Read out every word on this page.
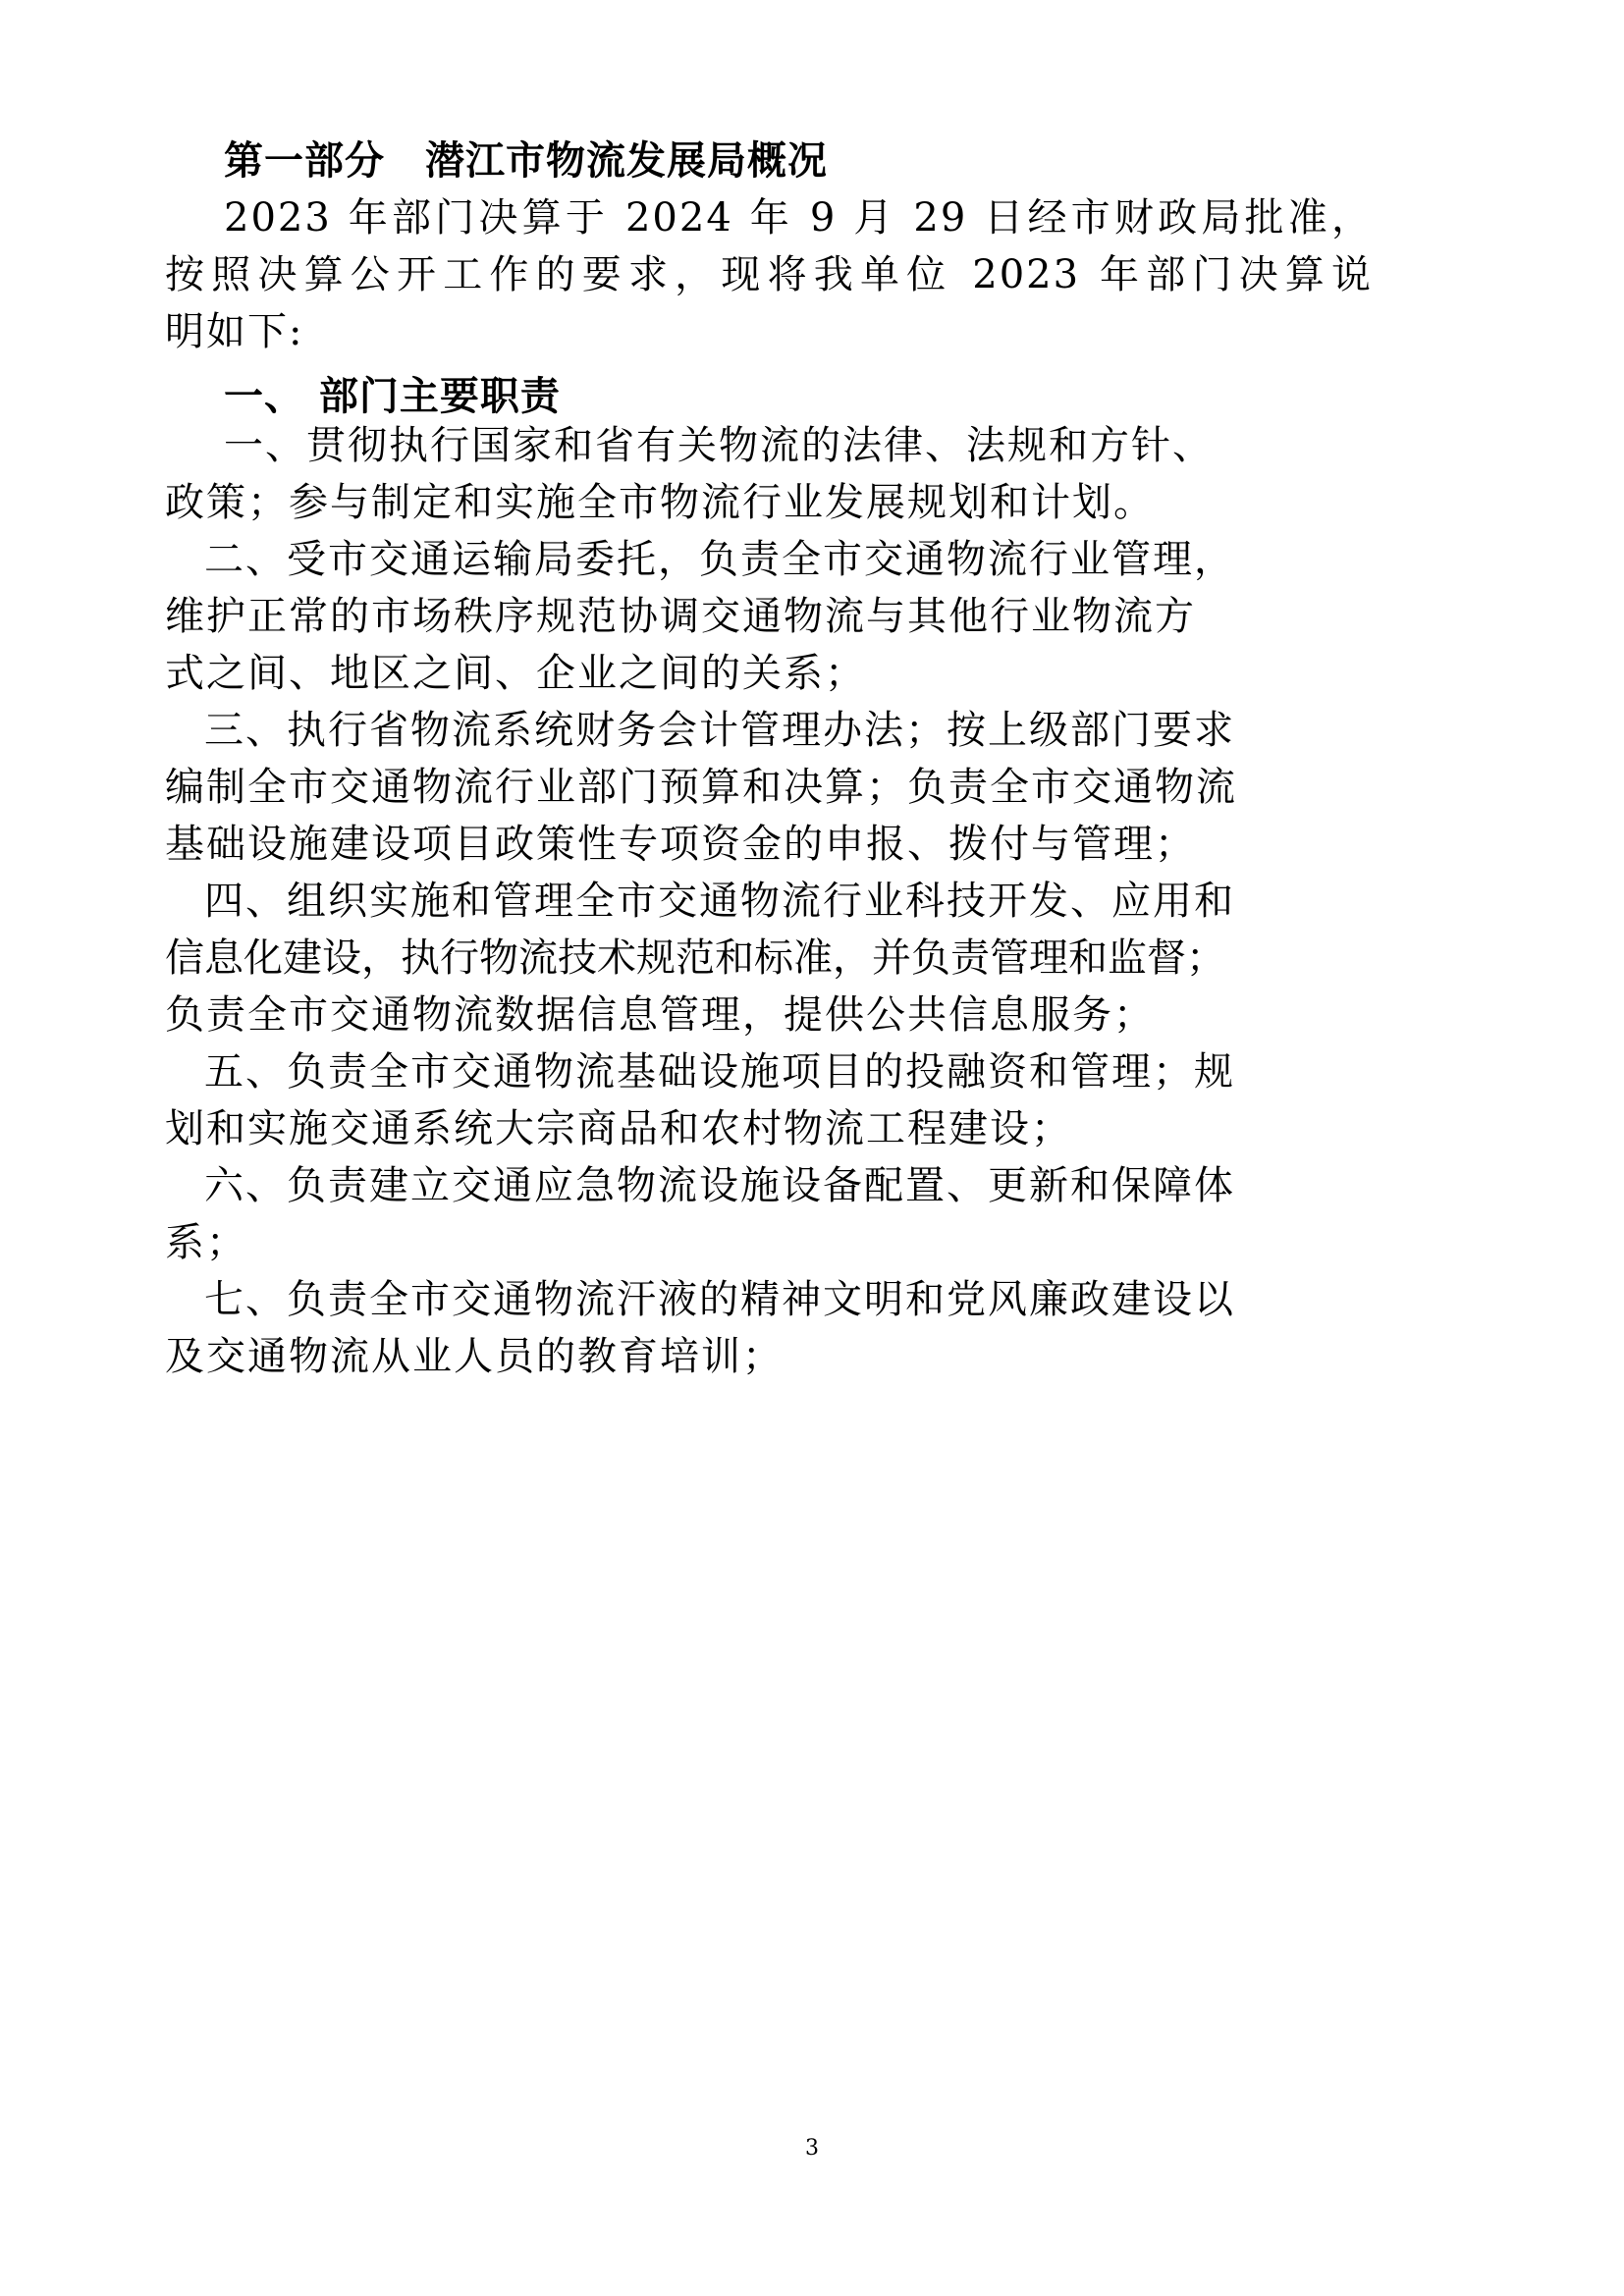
第一部分　潜江市物流发展局概况
2023 年部门决算于 2024 年 9 月 29 日经市财政局批准，
按照决算公开工作的要求，现将我单位 2023 年部门决算说
明如下:
一、 部门主要职责
一、贯彻执行国家和省有关物流的法律、法规和方针、
政策；参与制定和实施全市物流行业发展规划和计划。
二、受市交通运输局委托，负责全市交通物流行业管理，
维护正常的市场秩序规范协调交通物流与其他行业物流方
式之间、地区之间、企业之间的关系；
三、执行省物流系统财务会计管理办法；按上级部门要求
编制全市交通物流行业部门预算和决算；负责全市交通物流
基础设施建设项目政策性专项资金的申报、拨付与管理；
四、组织实施和管理全市交通物流行业科技开发、应用和
信息化建设，执行物流技术规范和标准，并负责管理和监督；
负责全市交通物流数据信息管理，提供公共信息服务；
五、负责全市交通物流基础设施项目的投融资和管理；规
划和实施交通系统大宗商品和农村物流工程建设；
六、负责建立交通应急物流设施设备配置、更新和保障体
系；
七、负责全市交通物流汗液的精神文明和党风廉政建设以
及交通物流从业人员的教育培训；
3
